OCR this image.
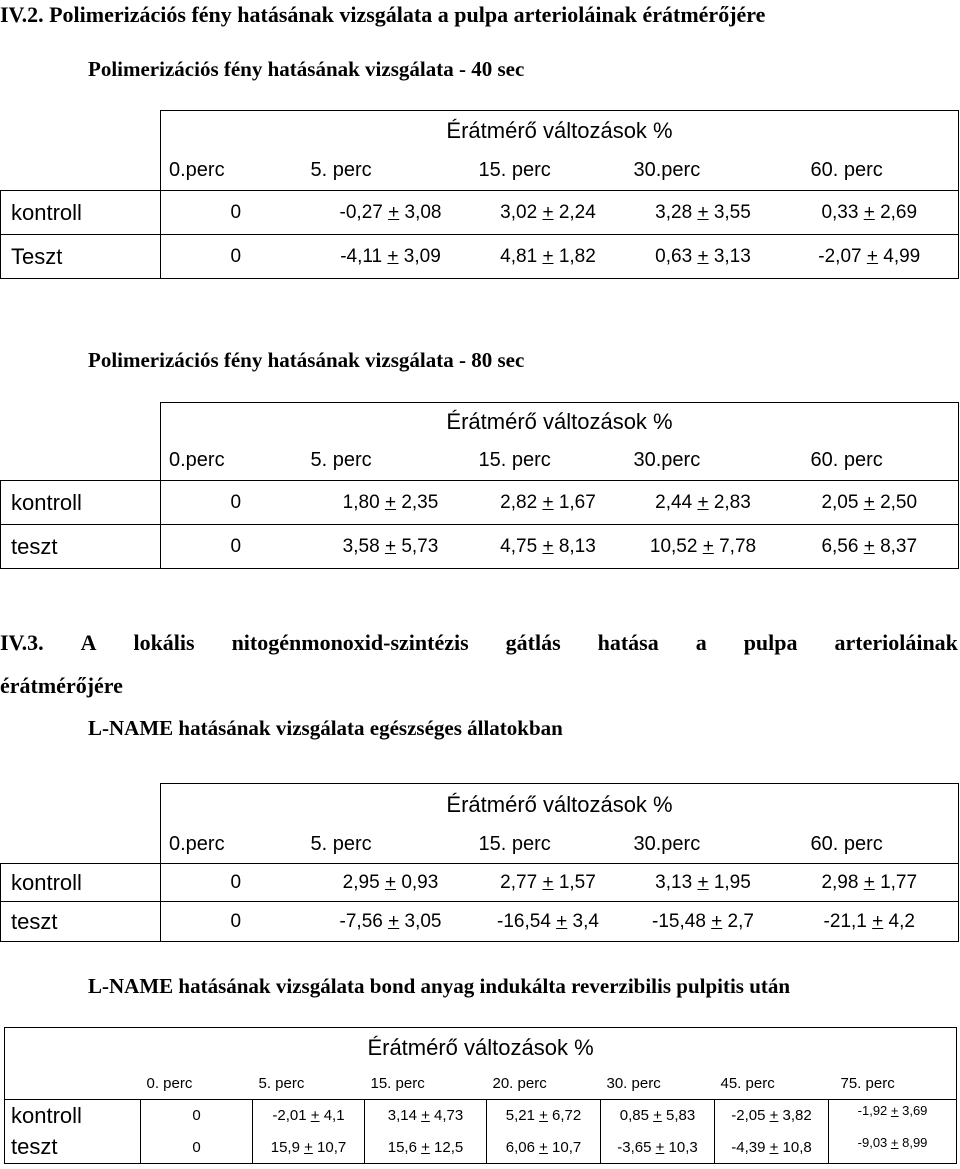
IV.2. Polimerizációs fény hatásának vizsgálata a pulpa arterioláinak érátmérőjére
Polimerizációs fény hatásának vizsgálata - 40 sec
	Érátmérő változások %				
	0.perc	5. perc	15. perc	30.perc	60. perc
kontroll	0	-0,27 + 3,08	3,02 + 2,24	3,28 + 3,55	0,33 + 2,69
Teszt	0	-4,11 + 3,09	4,81 + 1,82	0,63 + 3,13	-2,07 + 4,99
Polimerizációs fény hatásának vizsgálata - 80 sec
	Érátmérő változások %				
	0.perc	5. perc	15. perc	30.perc	60. perc
kontroll	0	1,80 + 2,35	2,82 + 1,67	2,44 + 2,83	2,05 + 2,50
teszt	0	3,58 + 5,73	4,75 + 8,13	10,52 + 7,78	6,56 + 8,37
IV.3. A lokális nitogénmonoxid-szintézis gátlás hatása a pulpa arterioláinak
érátmérőjére
L-NAME hatásának vizsgálata egészséges állatokban
	Érátmérő változások %				
	0.perc	5. perc	15. perc	30.perc	60. perc
kontroll	0	2,95 + 0,93	2,77 + 1,57	3,13 + 1,95	2,98 + 1,77
teszt	0	-7,56 + 3,05	-16,54 + 3,4	-15,48 + 2,7	-21,1 + 4,2
L-NAME hatásának vizsgálata bond anyag indukálta reverzibilis pulpitis után
Érátmérő változások %							
	0. perc	5. perc	15. perc	20. perc	30. perc	45. perc	75. perc
kontroll	0	-2,01 + 4,1	3,14 + 4,73	5,21 + 6,72	0,85 + 5,83	-2,05 + 3,82	-1,92 + 3,69
teszt	0	15,9 + 10,7	15,6 + 12,5	6,06 + 10,7	-3,65 + 10,3	-4,39 + 10,8	-9,03 + 8,99
